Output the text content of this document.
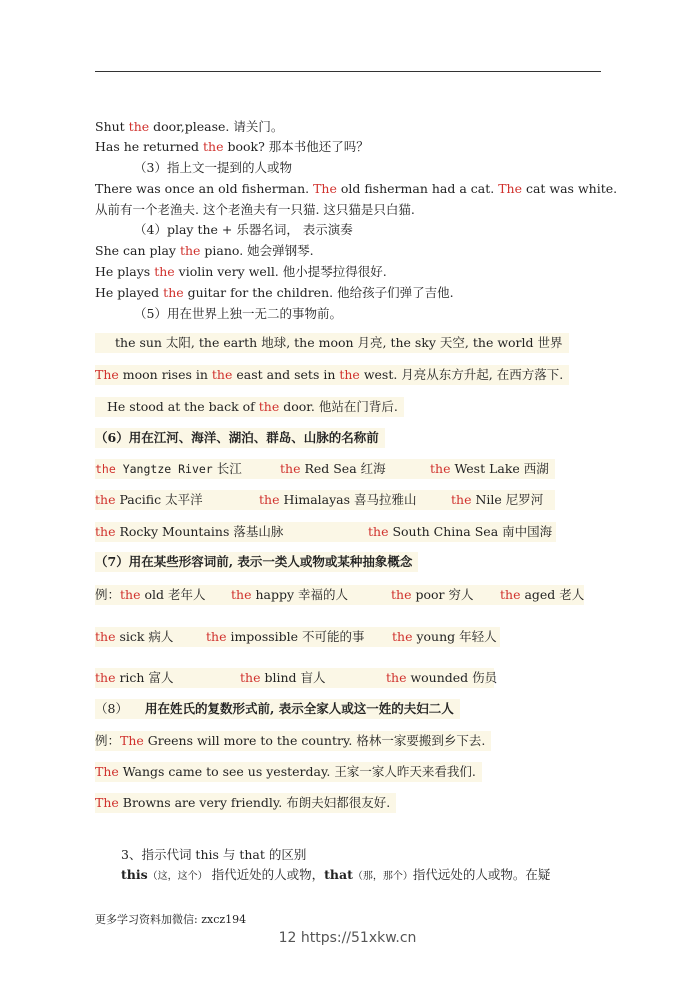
Shut the door,please. 请关门。
Has he returned the book? 那本书他还了吗？
（3）指上文一提到的人或物
There was once an old fisherman. The old fisherman had a cat. The cat was white.
从前有一个老渔夫. 这个老渔夫有一只猫. 这只猫是只白猫.
（4）play the + 乐器名词， 表示演奏
She can play the piano. 她会弹钢琴.
He plays the violin very well. 他小提琴拉得很好.
He played the guitar for the children. 他给孩子们弹了吉他.
（5）用在世界上独一无二的事物前。
the sun 太阳, the earth 地球, the moon 月亮, the sky 天空, the world 世界
The moon rises in the east and sets in the west. 月亮从东方升起, 在西方落下.
He stood at the back of the door. 他站在门背后.
（6）用在江河、海洋、湖泊、群岛、山脉的名称前
the Yangtze River 长江	the Red Sea 红海	the West Lake 西湖
the Pacific 太平洋	the Himalayas 喜马拉雅山	the Nile 尼罗河
the Rocky Mountains 落基山脉	the South China Sea 南中国海
（7）用在某些形容词前, 表示一类人或物或某种抽象概念
例：the old 老年人 the happy 幸福的人	the poor 穷人 the aged 老人
the sick 病人	the impossible 不可能的事 the young 年轻人
the rich 富人	the blind 盲人	the wounded 伤员
（8） 用在姓氏的复数形式前, 表示全家人或这一姓的夫妇二人
例：The Greens will more to the country. 格林一家要搬到乡下去.
The Wangs came to see us yesterday. 王家一家人昨天来看我们.
The Browns are very friendly. 布朗夫妇都很友好.
3、指示代词 this 与 that 的区别
this（这，这个） 指代近处的人或物，that（那，那个）指代远处的人或物。在疑
更多学习资料加微信: zxcz194
12 https://51xkw.cn
